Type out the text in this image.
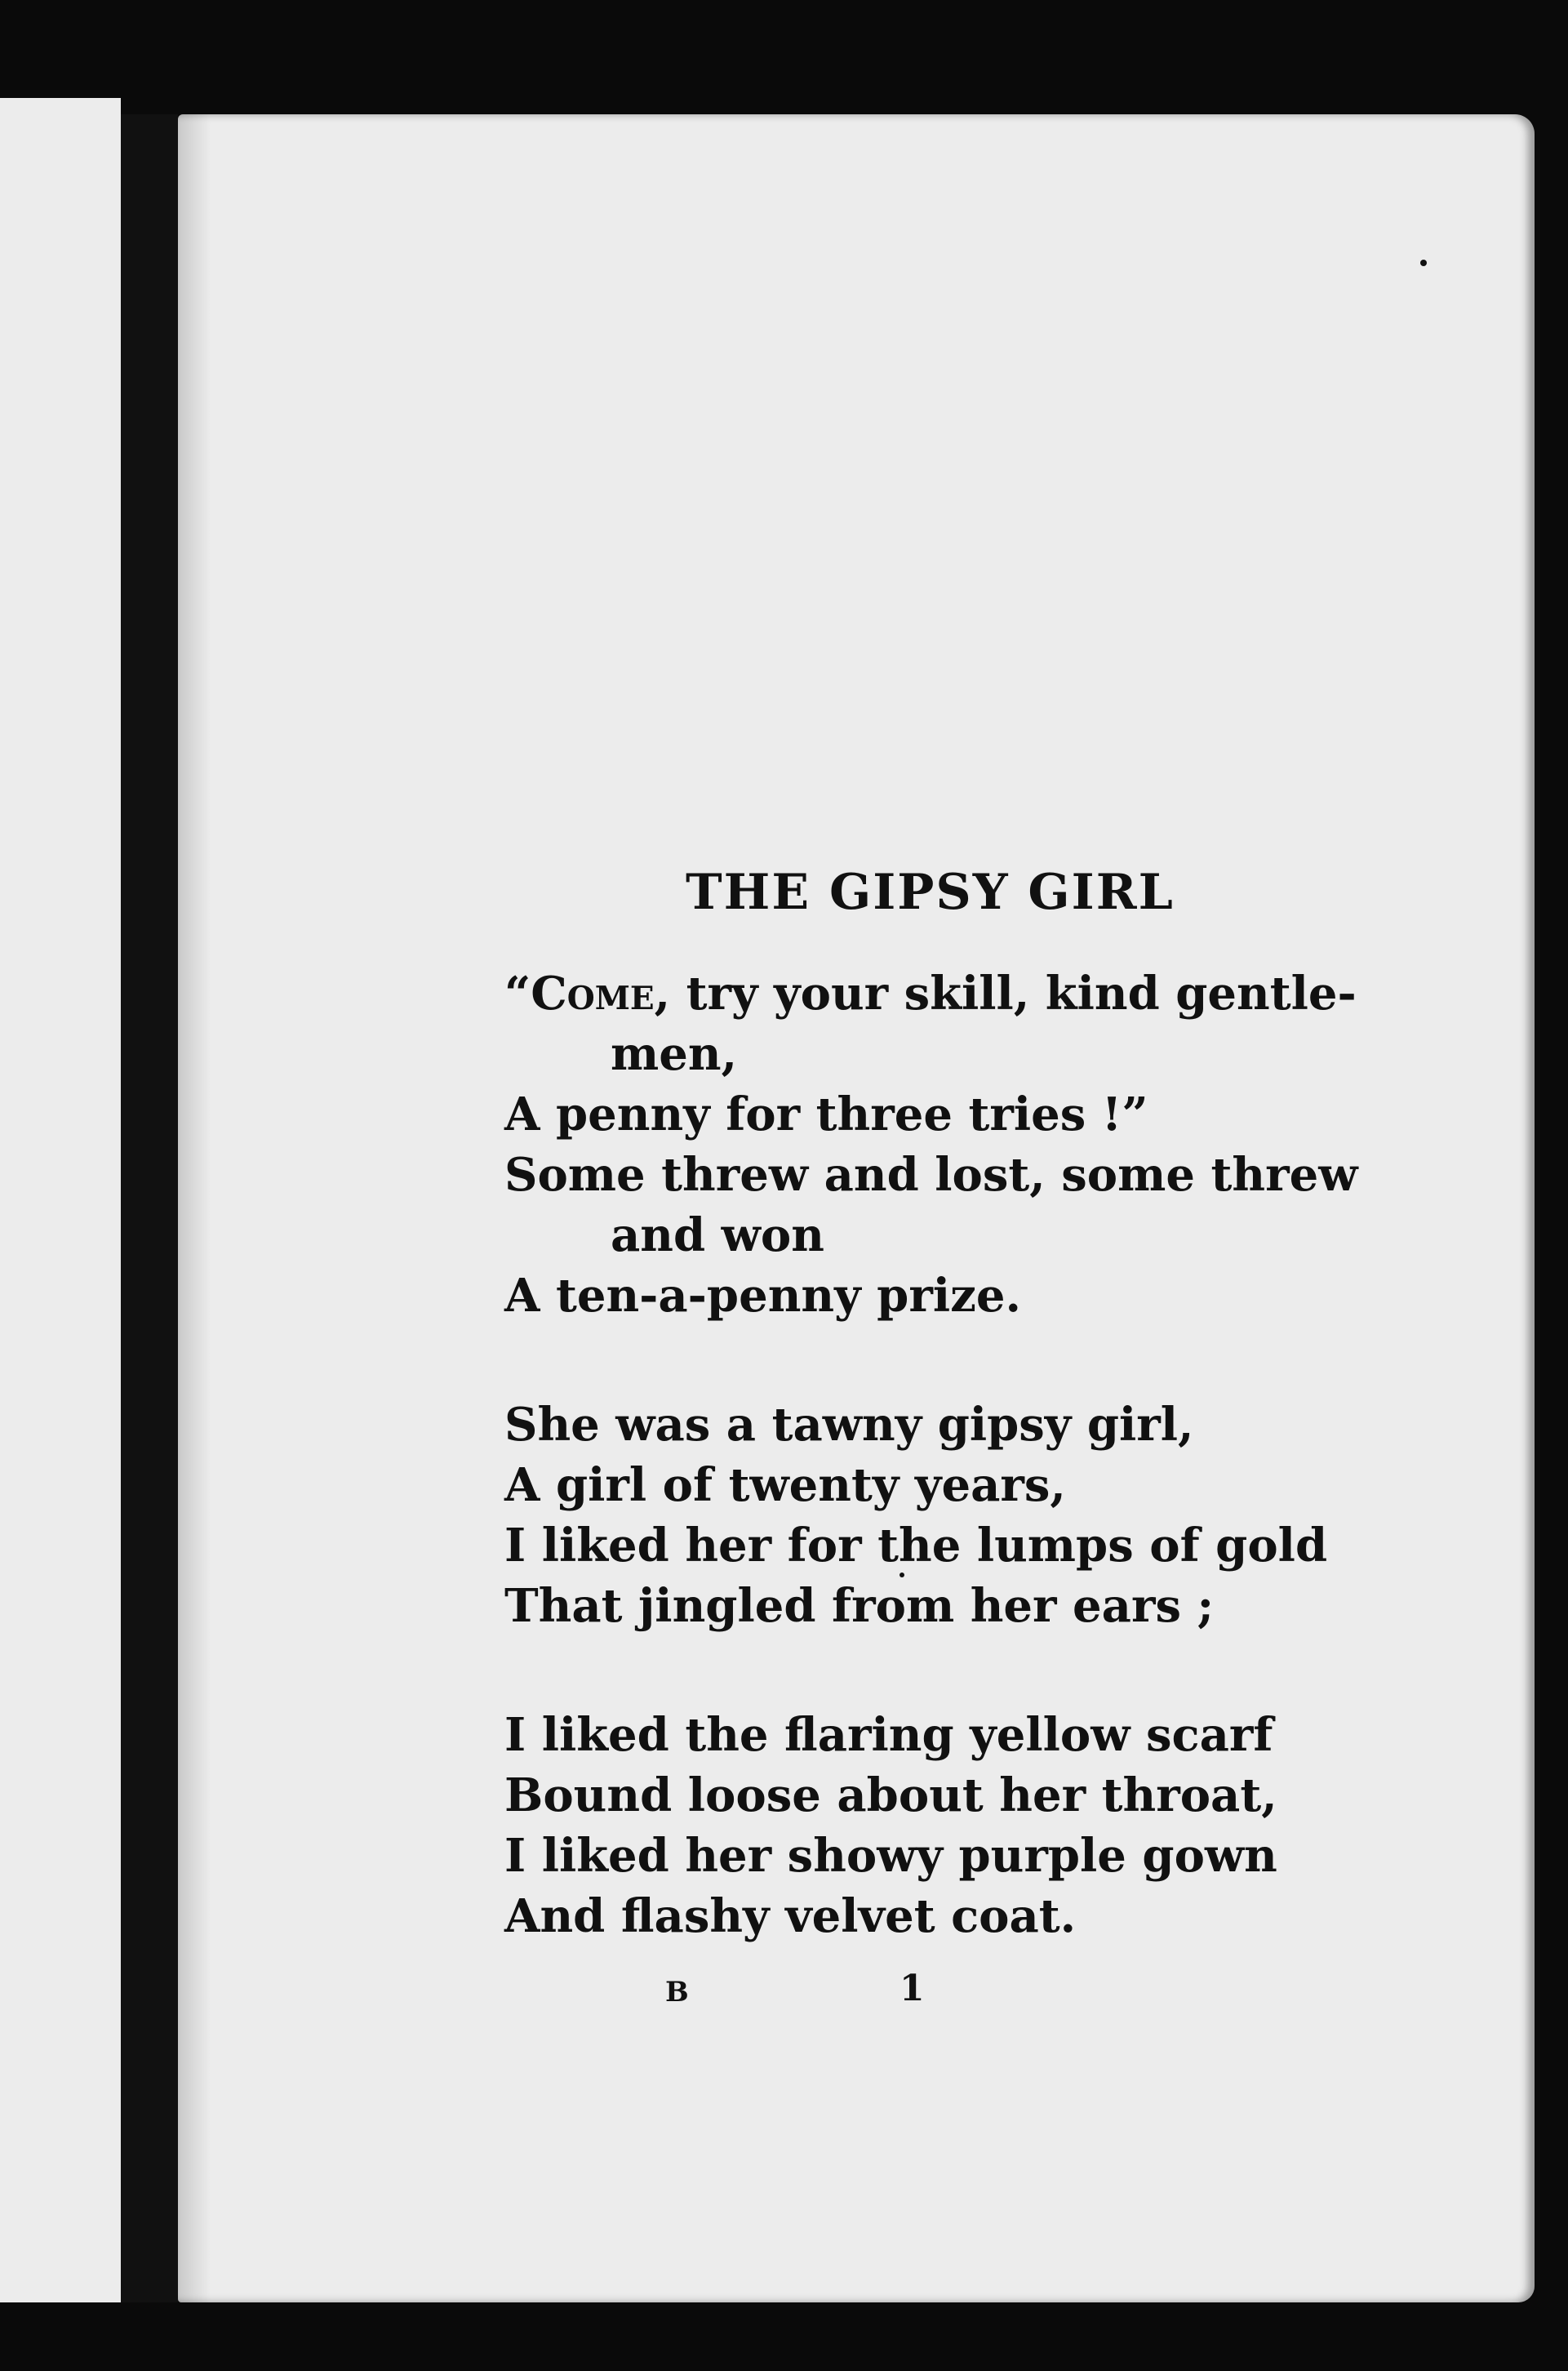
THE GIPSY GIRL
“Come, try your skill, kind gentle-
men,
A penny for three tries !”
Some threw and lost, some threw
and won
A ten-a-penny prize.
She was a tawny gipsy girl,
A girl of twenty years,
I liked her for the lumps of gold
That jingled from her ears ;
I liked the flaring yellow scarf
Bound loose about her throat,
I liked her showy purple gown
And flashy velvet coat.
B	1
